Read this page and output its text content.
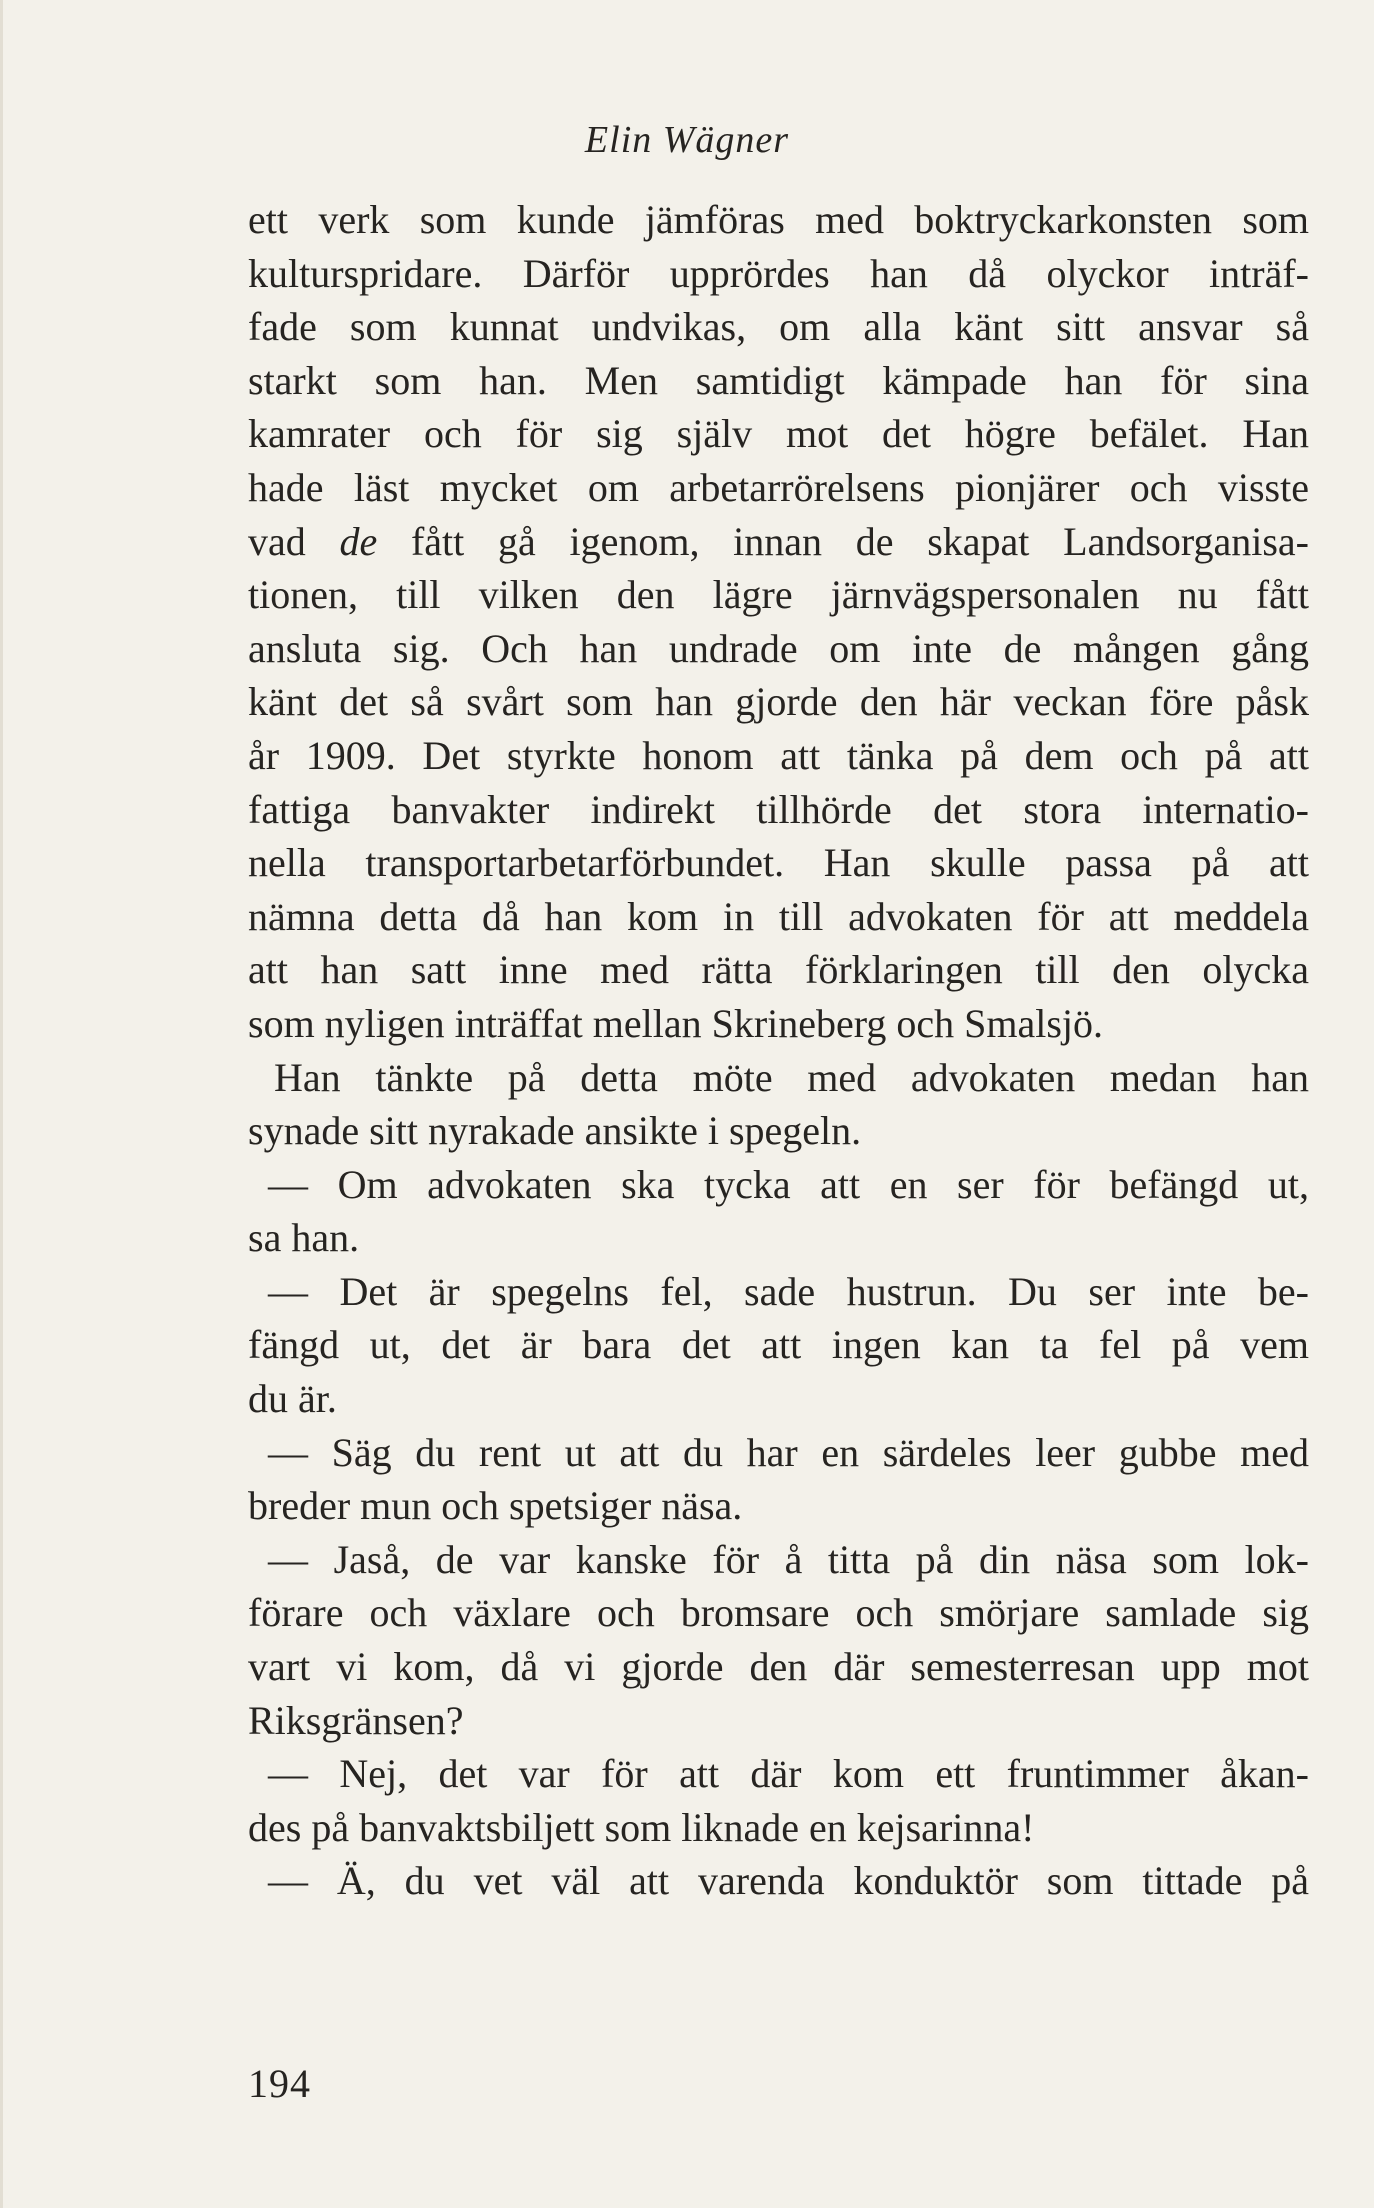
Elin Wägner
ett verk som kunde jämföras med boktryckarkonsten som
kulturspridare. Därför upprördes han då olyckor inträf-
fade som kunnat undvikas, om alla känt sitt ansvar så
starkt som han. Men samtidigt kämpade han för sina
kamrater och för sig själv mot det högre befälet. Han
hade läst mycket om arbetarrörelsens pionjärer och visste
vad de fått gå igenom, innan de skapat Landsorganisa-
tionen, till vilken den lägre järnvägspersonalen nu fått
ansluta sig. Och han undrade om inte de mången gång
känt det så svårt som han gjorde den här veckan före påsk
år 1909. Det styrkte honom att tänka på dem och på att
fattiga banvakter indirekt tillhörde det stora internatio-
nella transportarbetarförbundet. Han skulle passa på att
nämna detta då han kom in till advokaten för att meddela
att han satt inne med rätta förklaringen till den olycka
som nyligen inträffat mellan Skrineberg och Smalsjö.
Han tänkte på detta möte med advokaten medan han
synade sitt nyrakade ansikte i spegeln.
— Om advokaten ska tycka att en ser för befängd ut,
sa han.
— Det är spegelns fel, sade hustrun. Du ser inte be-
fängd ut, det är bara det att ingen kan ta fel på vem
du är.
— Säg du rent ut att du har en särdeles leer gubbe med
breder mun och spetsiger näsa.
— Jaså, de var kanske för å titta på din näsa som lok-
förare och växlare och bromsare och smörjare samlade sig
vart vi kom, då vi gjorde den där semesterresan upp mot
Riksgränsen?
— Nej, det var för att där kom ett fruntimmer åkan-
des på banvaktsbiljett som liknade en kejsarinna!
— Ä, du vet väl att varenda konduktör som tittade på
194
